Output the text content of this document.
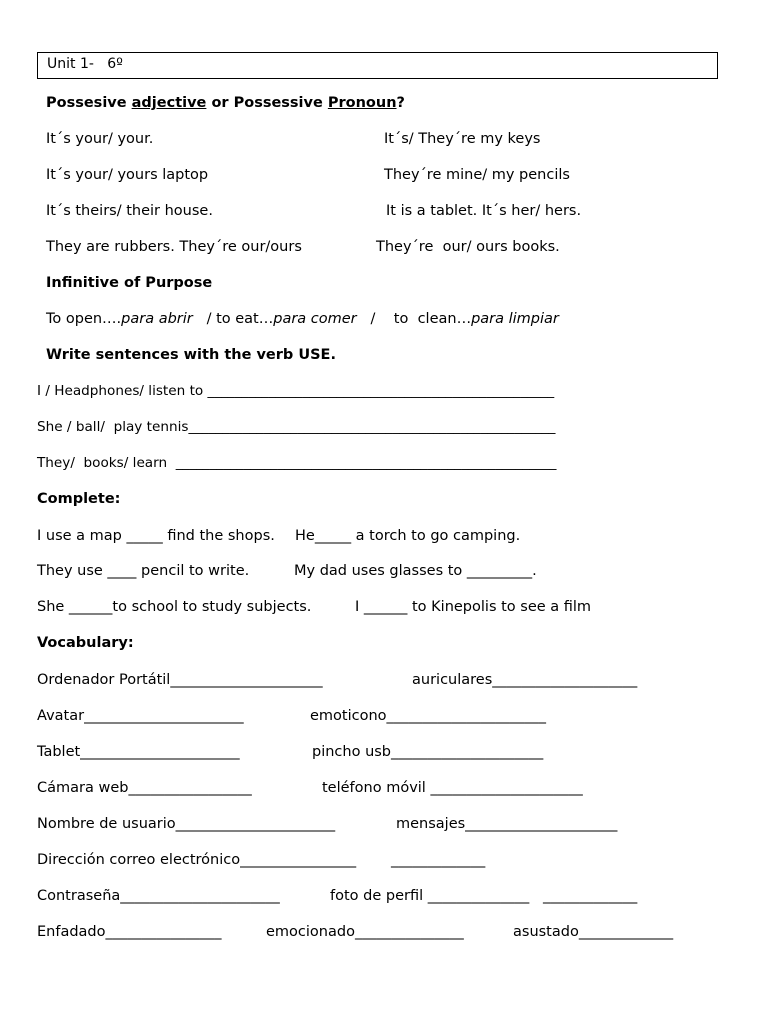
Unit 1- 6º
Possesive adjective or Possessive Pronoun?
It´s your/ your.	It´s/ They´re my keys
It´s your/ yours laptop	They´re mine/ my pencils
It´s theirs/ their house.	It is a tablet. It´s her/ hers.
They are rubbers. They´re our/ours	They´re  our/ ours books.
Infinitive of Purpose
To open….para abrir   / to eat…para comer   /    to  clean…para limpiar
Write sentences with the verb USE.
I / Headphones/ listen to ___________________________________________________
She / ball/  play tennis______________________________________________________
They/  books/ learn  ________________________________________________________
Complete:
I use a map _____ find the shops. He_____ a torch to go camping.
They use ____ pencil to write.	My dad uses glasses to _________.
She ______to school to study subjects.	I ______ to Kinepolis to see a film
Vocabulary:
Ordenador Portátil_____________________	auriculares____________________
Avatar______________________	emoticono______________________
Tablet______________________	pincho usb_____________________
Cámara web_________________	teléfono móvil _____________________
Nombre de usuario______________________	mensajes_____________________
Dirección correo electrónico________________ _____________
Contraseña______________________	foto de perfil ______________   _____________
Enfadado________________	emocionado_______________	asustado_____________
